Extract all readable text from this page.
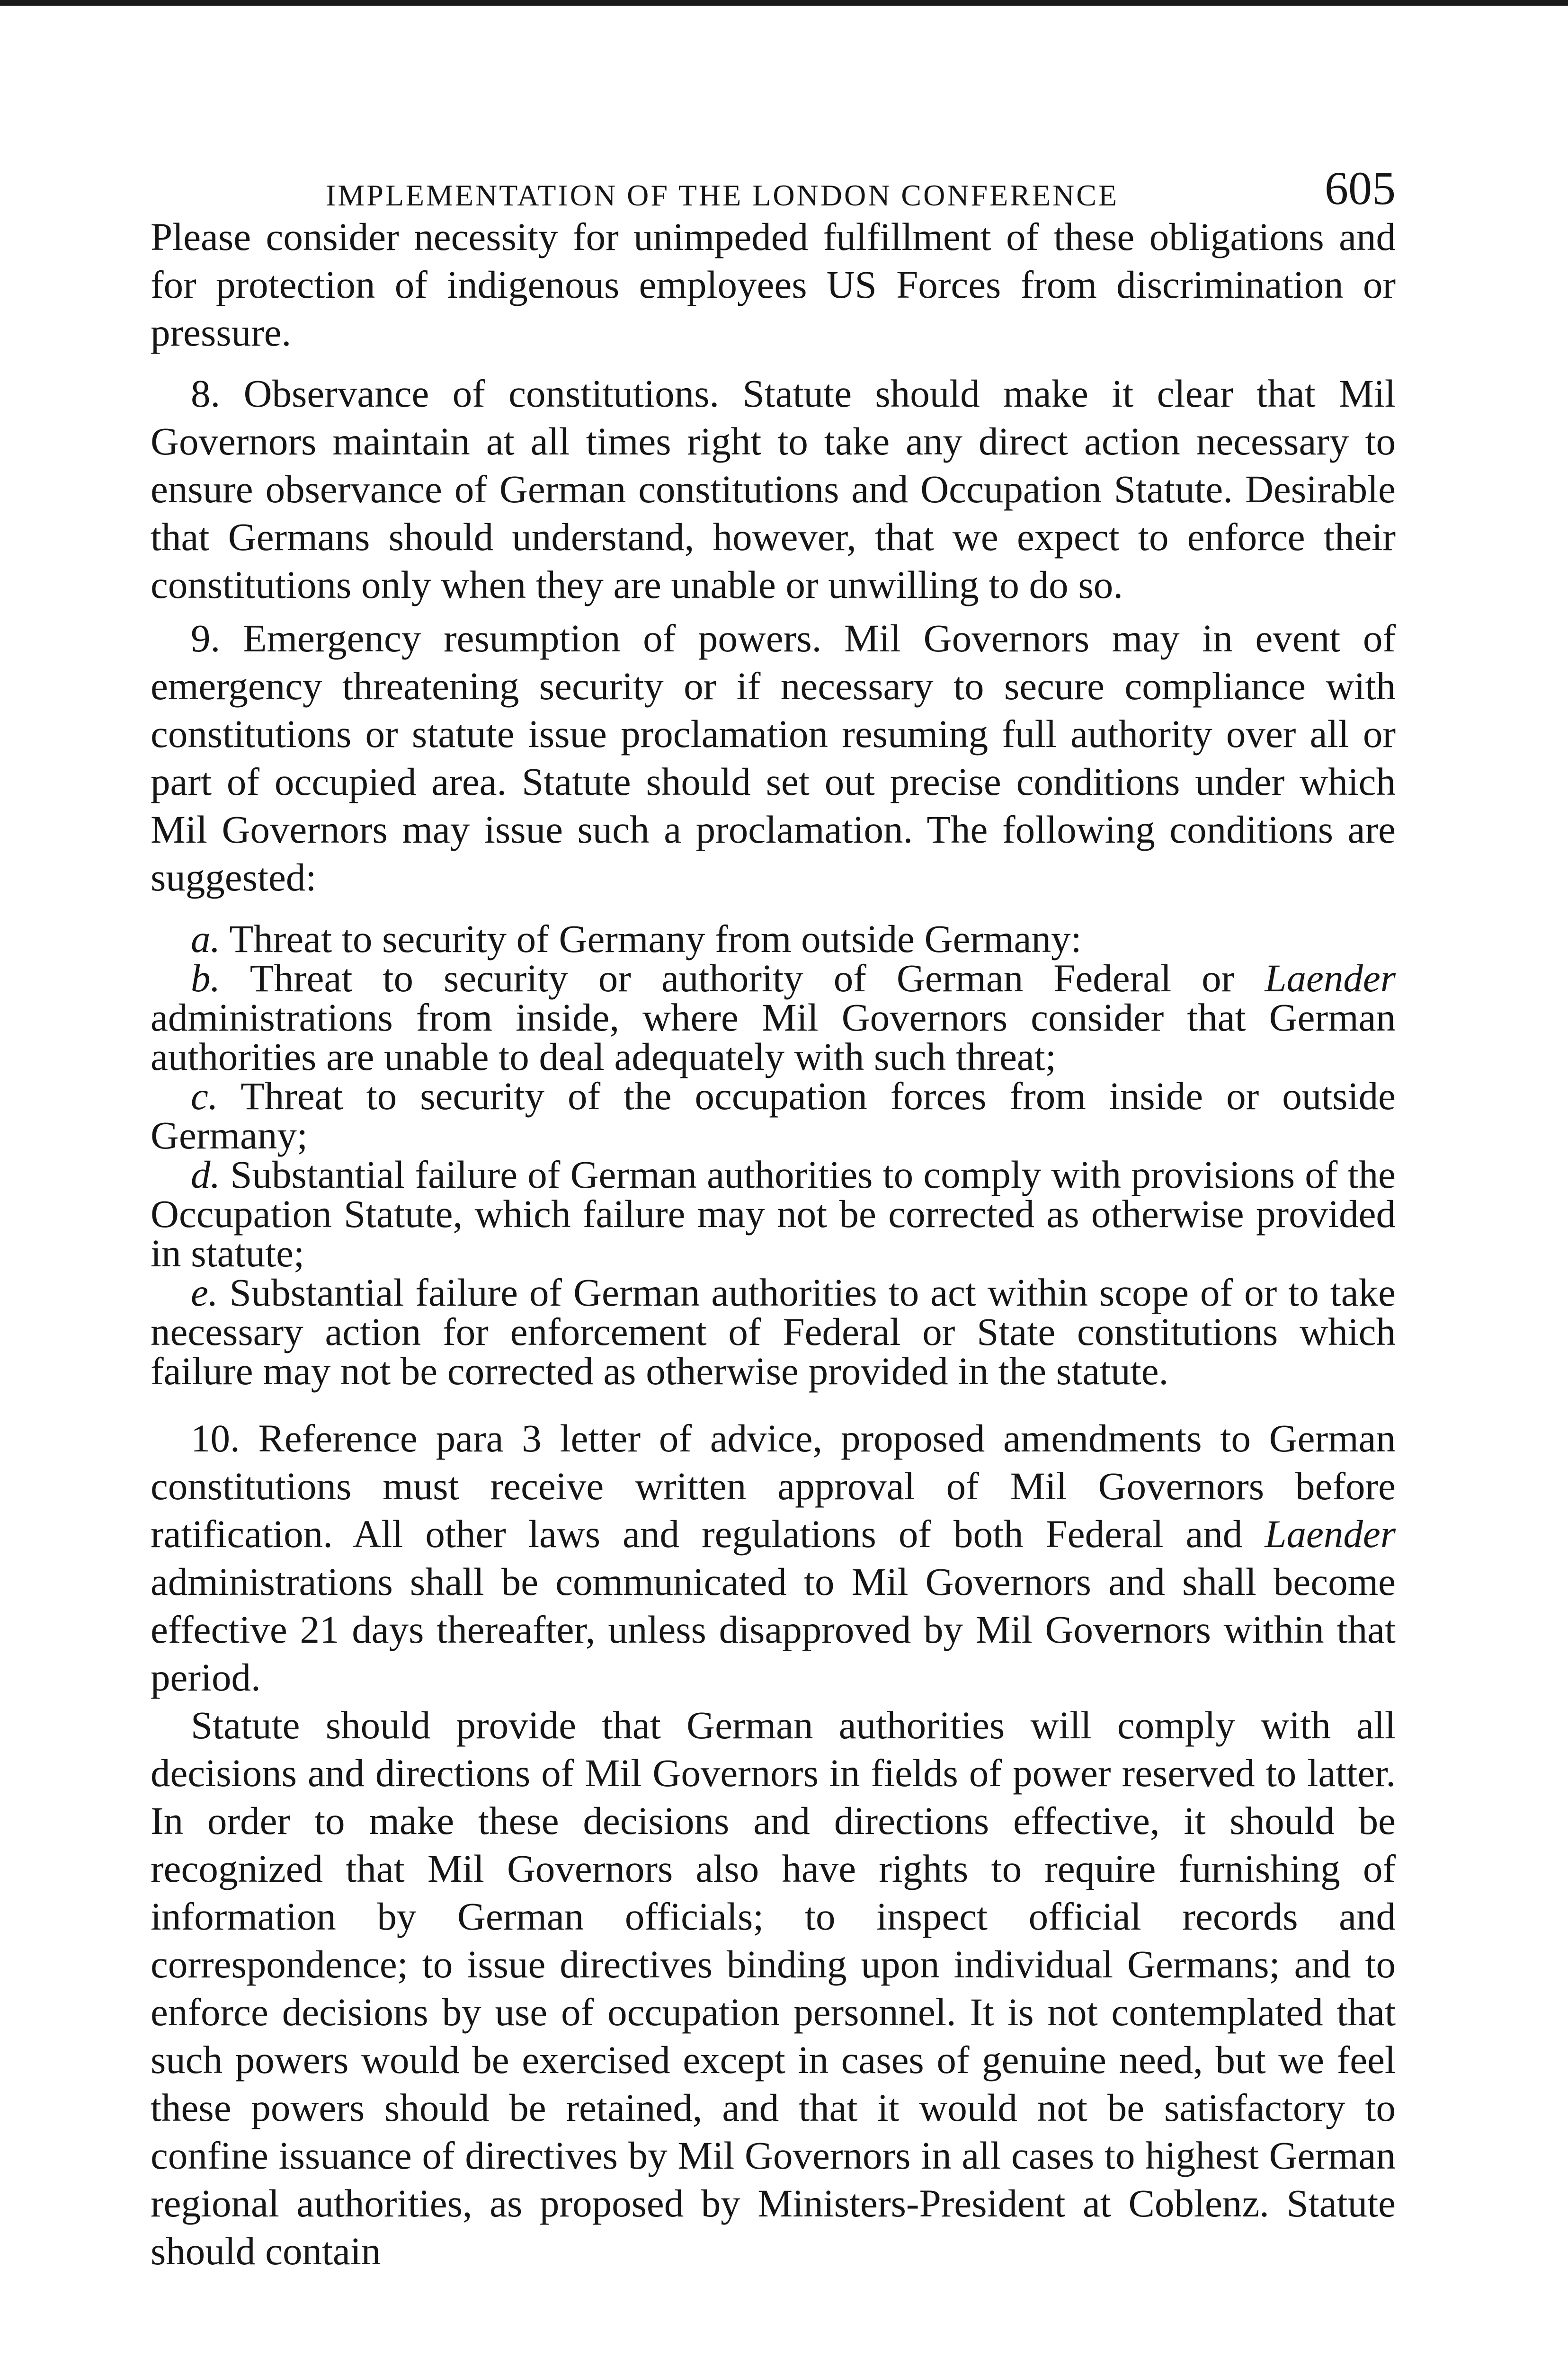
IMPLEMENTATION OF THE LONDON CONFERENCE	605

Please consider necessity for unimpeded fulfillment of these obligations and for protection of indigenous employees US Forces from discrimination or pressure.

8. Observance of constitutions. Statute should make it clear that Mil Governors maintain at all times right to take any direct action necessary to ensure observance of German constitutions and Occupation Statute. Desirable that Germans should understand, however, that we expect to enforce their constitutions only when they are unable or unwilling to do so.

9. Emergency resumption of powers. Mil Governors may in event of emergency threatening security or if necessary to secure compliance with constitutions or statute issue proclamation resuming full authority over all or part of occupied area. Statute should set out precise conditions under which Mil Governors may issue such a proclamation. The following conditions are suggested:

a. Threat to security of Germany from outside Germany:

b. Threat to security or authority of German Federal or Laender administrations from inside, where Mil Governors consider that German authorities are unable to deal adequately with such threat;

c. Threat to security of the occupation forces from inside or outside Germany;

d. Substantial failure of German authorities to comply with provisions of the Occupation Statute, which failure may not be corrected as otherwise provided in statute;

e. Substantial failure of German authorities to act within scope of or to take necessary action for enforcement of Federal or State constitutions which failure may not be corrected as otherwise provided in the statute.

10. Reference para 3 letter of advice, proposed amendments to German constitutions must receive written approval of Mil Governors before ratification. All other laws and regulations of both Federal and Laender administrations shall be communicated to Mil Governors and shall become effective 21 days thereafter, unless disapproved by Mil Governors within that period.

Statute should provide that German authorities will comply with all decisions and directions of Mil Governors in fields of power reserved to latter. In order to make these decisions and directions effective, it should be recognized that Mil Governors also have rights to require furnishing of information by German officials; to inspect official records and correspondence; to issue directives binding upon individual Germans; and to enforce decisions by use of occupation personnel. It is not contemplated that such powers would be exercised except in cases of genuine need, but we feel these powers should be retained, and that it would not be satisfactory to confine issuance of directives by Mil Governors in all cases to highest German regional authorities, as proposed by Ministers-President at Coblenz. Statute should contain
